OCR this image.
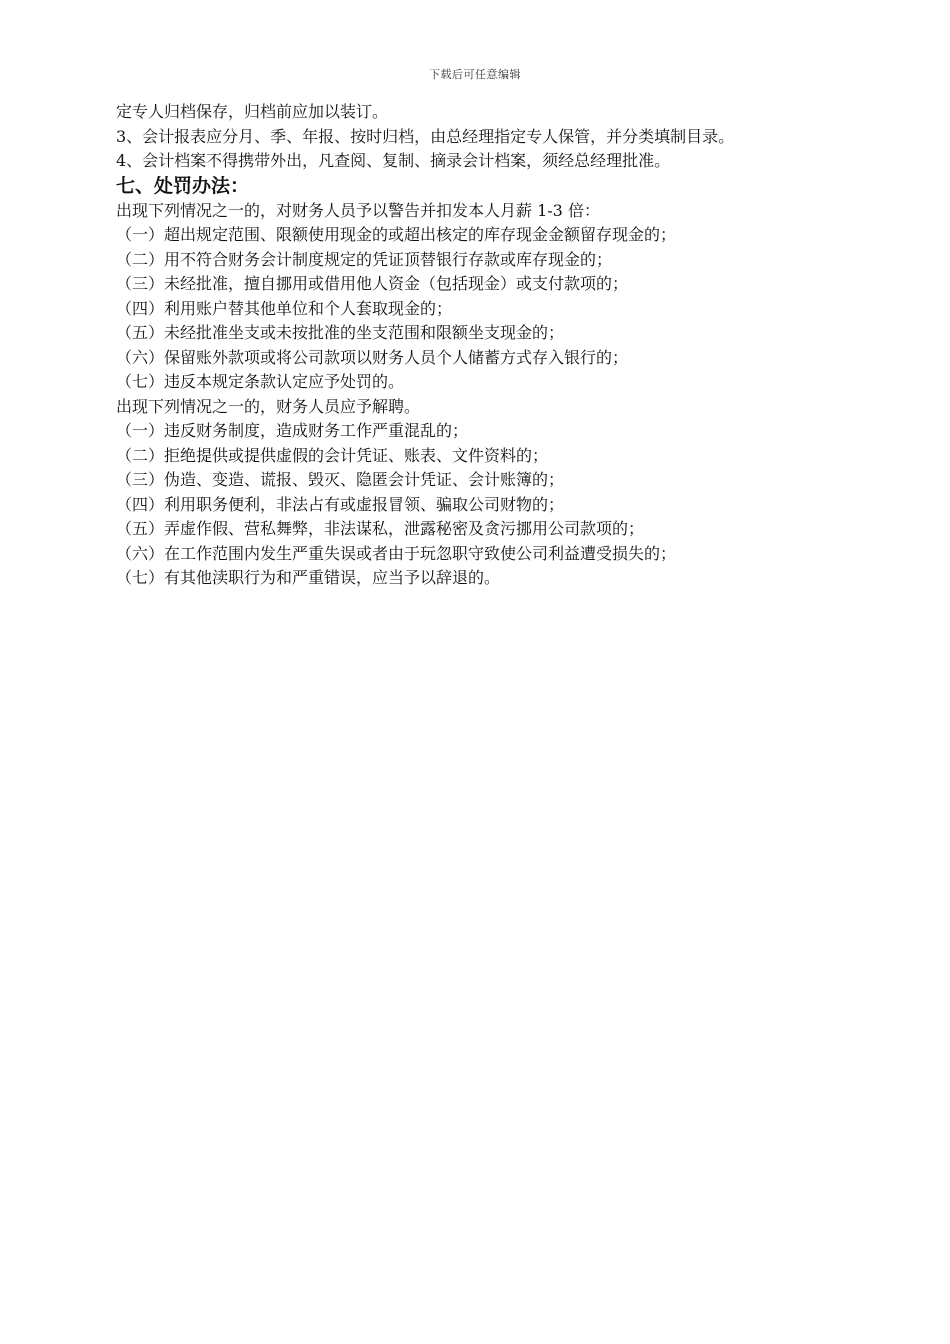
下载后可任意编辑

定专人归档保存，归档前应加以装订。

3、会计报表应分月、季、年报、按时归档，由总经理指定专人保管，并分类填制目录。

4、会计档案不得携带外出，凡查阅、复制、摘录会计档案，须经总经理批准。

七、处罚办法：

出现下列情况之一的，对财务人员予以警告并扣发本人月薪 1-3 倍：

（一）超出规定范围、限额使用现金的或超出核定的库存现金金额留存现金的；

（二）用不符合财务会计制度规定的凭证顶替银行存款或库存现金的；

（三）未经批准，擅自挪用或借用他人资金（包括现金）或支付款项的；

（四）利用账户替其他单位和个人套取现金的；

（五）未经批准坐支或未按批准的坐支范围和限额坐支现金的；

（六）保留账外款项或将公司款项以财务人员个人储蓄方式存入银行的；

（七）违反本规定条款认定应予处罚的。

出现下列情况之一的，财务人员应予解聘。

（一）违反财务制度，造成财务工作严重混乱的；

（二）拒绝提供或提供虚假的会计凭证、账表、文件资料的；

（三）伪造、变造、谎报、毁灭、隐匿会计凭证、会计账簿的；

（四）利用职务便利，非法占有或虚报冒领、骗取公司财物的；

（五）弄虚作假、营私舞弊，非法谋私，泄露秘密及贪污挪用公司款项的；

（六）在工作范围内发生严重失误或者由于玩忽职守致使公司利益遭受损失的；

（七）有其他渎职行为和严重错误，应当予以辞退的。
